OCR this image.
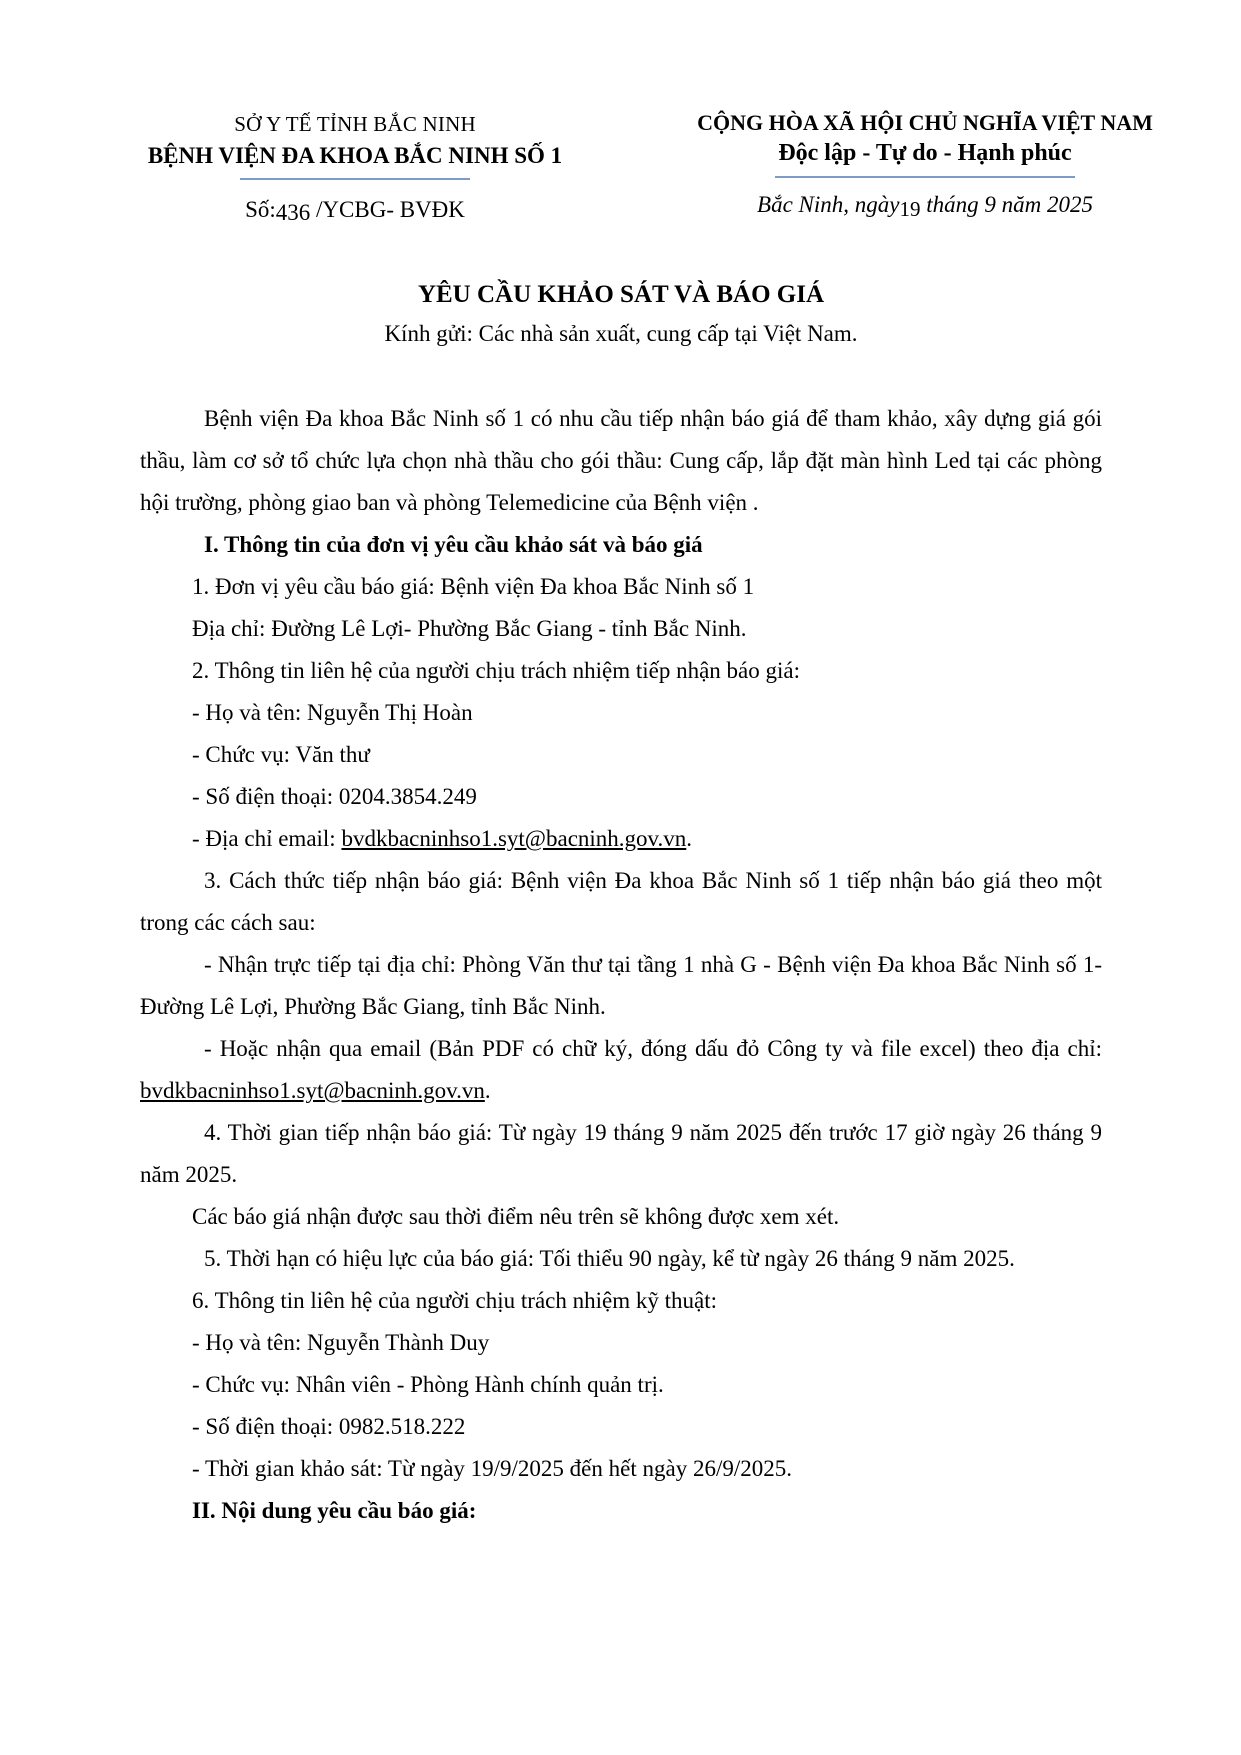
SỞ Y TẾ TỈNH BẮC NINH
BỆNH VIỆN ĐA KHOA BẮC NINH SỐ 1
Số:436 /YCBG- BVĐK
CỘNG HÒA XÃ HỘI CHỦ NGHĨA VIỆT NAM
Độc lập - Tự do - Hạnh phúc
Bắc Ninh, ngày19 tháng 9 năm 2025
YÊU CẦU KHẢO SÁT VÀ BÁO GIÁ
Kính gửi: Các nhà sản xuất, cung cấp tại Việt Nam.

Bệnh viện Đa khoa Bắc Ninh số 1 có nhu cầu tiếp nhận báo giá để tham khảo, xây dựng giá gói thầu, làm cơ sở tổ chức lựa chọn nhà thầu cho gói thầu: Cung cấp, lắp đặt màn hình Led tại các phòng hội trường, phòng giao ban và phòng Telemedicine của Bệnh viện .

I. Thông tin của đơn vị yêu cầu khảo sát và báo giá

1. Đơn vị yêu cầu báo giá: Bệnh viện Đa khoa Bắc Ninh số 1

Địa chỉ: Đường Lê Lợi- Phường Bắc Giang - tỉnh Bắc Ninh.

2. Thông tin liên hệ của người chịu trách nhiệm tiếp nhận báo giá:

- Họ và tên: Nguyễn Thị Hoàn

- Chức vụ: Văn thư

- Số điện thoại: 0204.3854.249

- Địa chỉ email: bvdkbacninhso1.syt@bacninh.gov.vn.

3. Cách thức tiếp nhận báo giá: Bệnh viện Đa khoa Bắc Ninh số 1 tiếp nhận báo giá theo một trong các cách sau:

- Nhận trực tiếp tại địa chỉ: Phòng Văn thư tại tầng 1 nhà G - Bệnh viện Đa khoa Bắc Ninh số 1- Đường Lê Lợi, Phường Bắc Giang, tỉnh Bắc Ninh.

- Hoặc nhận qua email (Bản PDF có chữ ký, đóng dấu đỏ Công ty và file excel) theo địa chỉ: bvdkbacninhso1.syt@bacninh.gov.vn.

4. Thời gian tiếp nhận báo giá: Từ ngày 19 tháng 9 năm 2025 đến trước 17 giờ ngày 26 tháng 9 năm 2025.

Các báo giá nhận được sau thời điểm nêu trên sẽ không được xem xét.

5. Thời hạn có hiệu lực của báo giá: Tối thiểu 90 ngày, kể từ ngày 26 tháng 9 năm 2025.

6. Thông tin liên hệ của người chịu trách nhiệm kỹ thuật:

- Họ và tên: Nguyễn Thành Duy

- Chức vụ: Nhân viên - Phòng Hành chính quản trị.

- Số điện thoại: 0982.518.222

- Thời gian khảo sát: Từ ngày 19/9/2025 đến hết ngày 26/9/2025.

II. Nội dung yêu cầu báo giá:
